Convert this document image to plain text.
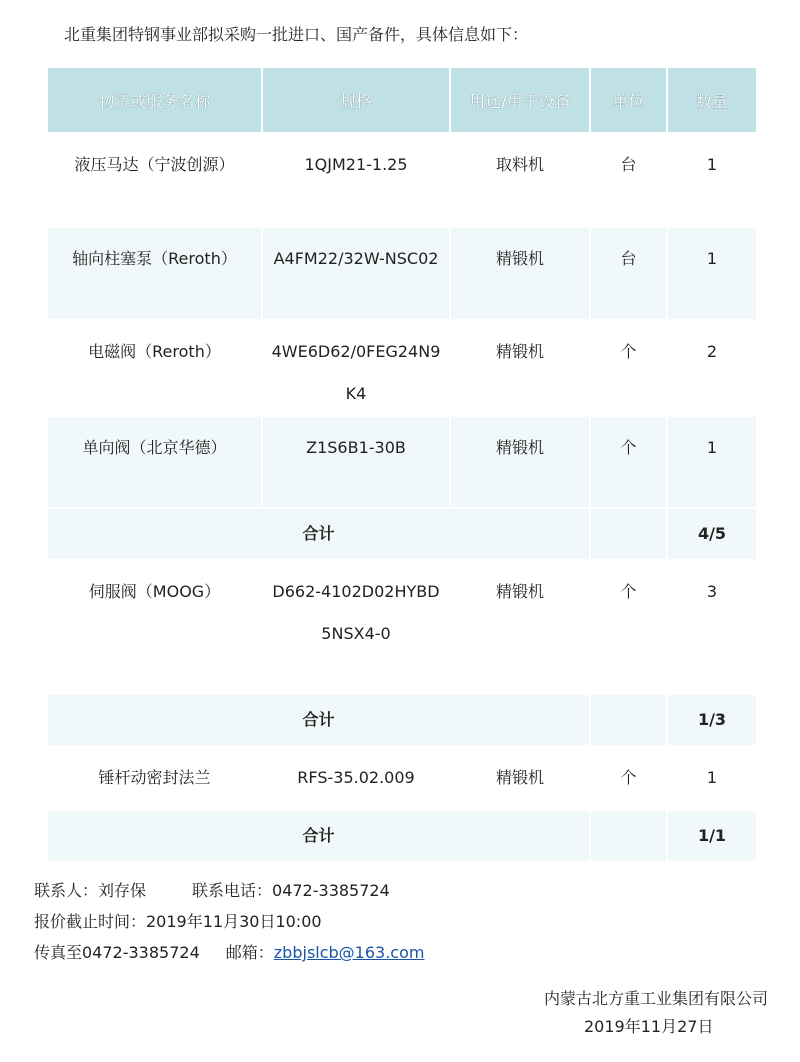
北重集团特钢事业部拟采购一批进口、国产备件，具体信息如下：
物资或服务名称	规格	用途/用于设备	单位	数量

液压马达（宁波创源）	1QJM21-1.25	取料机	台	1

轴向柱塞泵（Reroth）	A4FM22/32W-NSC02	精锻机	台	1

电磁阀（Reroth）	4WE6D62/0FEG24N9K4	精锻机	个	2

单向阀（北京华德）	Z1S6B1-30B	精锻机	个	1

合计				4/5

伺服阀（MOOG）	D662-4102D02HYBD5NSX4-0	精锻机	个	3

合计				1/3

锤杆动密封法兰	RFS-35.02.009	精锻机	个	1

合计				1/1
联系人：刘存保	联系电话：0472-3385724
报价截止时间：2019年11月30日10:00
传真至0472-3385724 邮箱：zbbjslcb@163.com
内蒙古北方重工业集团有限公司
2019年11月27日
